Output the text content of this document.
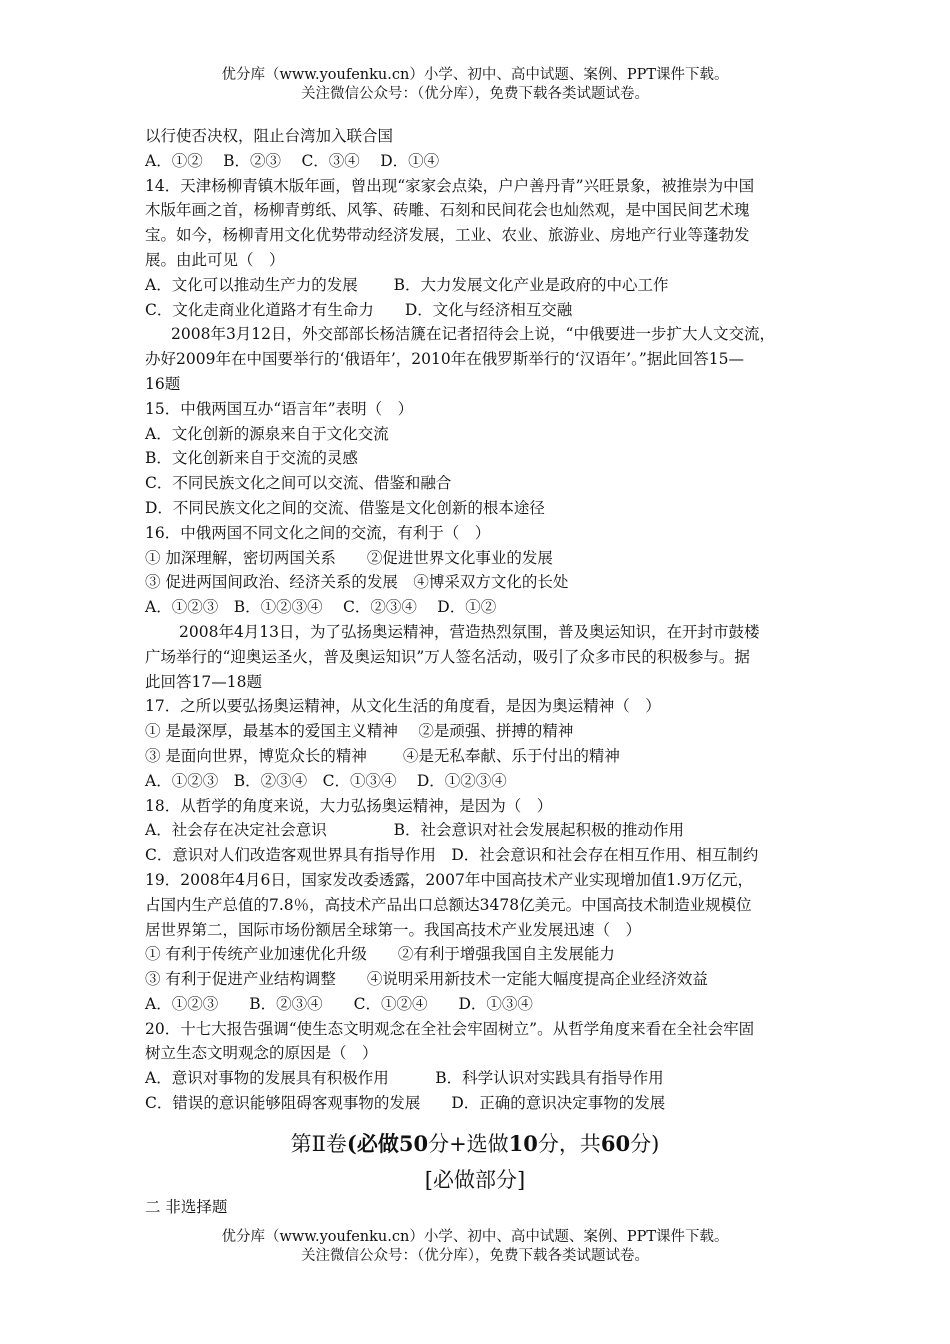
优分库（www.youfenku.cn）小学、初中、高中试题、案例、PPT课件下载。
关注微信公众号：（优分库），免费下载各类试题试卷。
以行使否决权，阻止台湾加入联合国
A．①②　 B．②③　 C．③④　 D．①④
14．天津杨柳青镇木版年画，曾出现“家家会点染，户户善丹青”兴旺景象，被推崇为中国
木版年画之首，杨柳青剪纸、风筝、砖雕、石刻和民间花会也灿然观，是中国民间艺术瑰
宝。如今，杨柳青用文化优势带动经济发展，工业、农业、旅游业、房地产行业等蓬勃发
展。由此可见（　）
A．文化可以推动生产力的发展　　 B．大力发展文化产业是政府的中心工作
C．文化走商业化道路才有生命力　　D．文化与经济相互交融
2008年3月12日，外交部部长杨洁篪在记者招待会上说，“中俄要进一步扩大人文交流，
办好2009年在中国要举行的‘俄语年’，2010年在俄罗斯举行的‘汉语年’。”据此回答15—
16题
15．中俄两国互办“语言年”表明（　）
A．文化创新的源泉来自于文化交流
B．文化创新来自于交流的灵感
C．不同民族文化之间可以交流、借鉴和融合
D．不同民族文化之间的交流、借鉴是文化创新的根本途径
16．中俄两国不同文化之间的交流，有利于（　）
① 加深理解，密切两国关系　　②促进世界文化事业的发展
③ 促进两国间政治、经济关系的发展　④博采双方文化的长处
A．①②③　B．①②③④　 C．②③④　 D．①②
2008年4月13日，为了弘扬奥运精神，营造热烈氛围，普及奥运知识，在开封市鼓楼
广场举行的“迎奥运圣火，普及奥运知识”万人签名活动，吸引了众多市民的积极参与。据
此回答17—18题
17．之所以要弘扬奥运精神，从文化生活的角度看，是因为奥运精神（　）
① 是最深厚，最基本的爱国主义精神　 ②是顽强、拼搏的精神
③ 是面向世界，博览众长的精神　　 ④是无私奉献、乐于付出的精神
A．①②③　B．②③④　C．①③④　 D．①②③④
18．从哲学的角度来说，大力弘扬奥运精神，是因为（　）
A．社会存在决定社会意识　　　　 B．社会意识对社会发展起积极的推动作用
C．意识对人们改造客观世界具有指导作用　D．社会意识和社会存在相互作用、相互制约
19．2008年4月6日，国家发改委透露，2007年中国高技术产业实现增加值1.9万亿元，
占国内生产总值的7.8％，高技术产品出口总额达3478亿美元。中国高技术制造业规模位
居世界第二，国际市场份额居全球第一。我国高技术产业发展迅速（　）
① 有利于传统产业加速优化升级　　②有利于增强我国自主发展能力
③ 有利于促进产业结构调整　　④说明采用新技术一定能大幅度提高企业经济效益
A．①②③　　B．②③④　　C．①②④　　D．①③④
20．十七大报告强调“使生态文明观念在全社会牢固树立”。从哲学角度来看在全社会牢固
树立生态文明观念的原因是（　）
A．意识对事物的发展具有积极作用　　　B．科学认识对实践具有指导作用
C．错误的意识能够阻碍客观事物的发展　　D．正确的意识决定事物的发展
第Ⅱ卷(必做50分+选做10分，共60分)
[必做部分]
二 非选择题
优分库（www.youfenku.cn）小学、初中、高中试题、案例、PPT课件下载。
关注微信公众号：（优分库），免费下载各类试题试卷。
